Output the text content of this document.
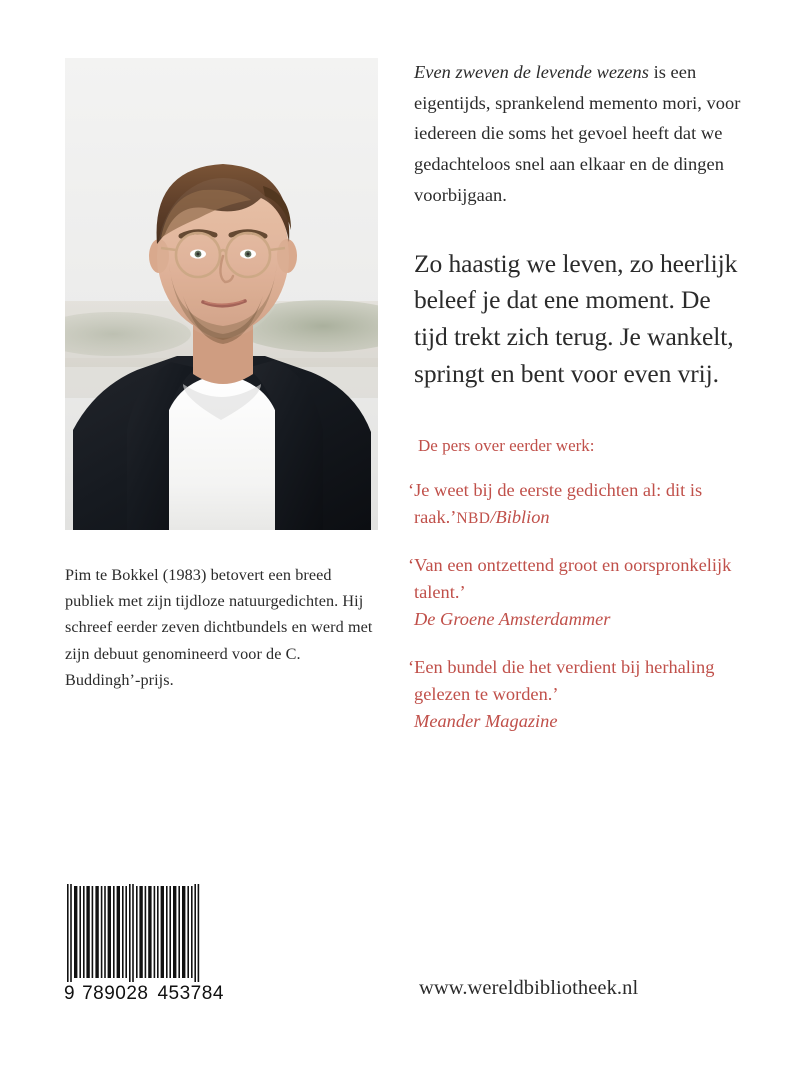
Pim te Bokkel (1983) betovert een breed publiek met zijn tijdloze natuurgedichten. Hij schreef eerder zeven dichtbundels en werd met zijn debuut genomineerd voor de C. Buddingh’-prijs.

Even zweven de levende wezens is een eigentijds, sprankelend memento mori, voor iedereen die soms het gevoel heeft dat we gedachteloos snel aan elkaar en de dingen voorbijgaan.

Zo haastig we leven, zo heerlijk beleef je dat ene moment. De tijd trekt zich terug. Je wankelt, springt en bent voor even vrij.

De pers over eerder werk:

‘Je weet bij de eerste gedichten al: dit is raak.’NBD/Biblion

‘Van een ontzettend groot en oorspronkelijk talent.’
De Groene Amsterdammer

‘Een bundel die het verdient bij herhaling gelezen te worden.’
Meander Magazine

9 789028 453784	www.wereldbibliotheek.nl
